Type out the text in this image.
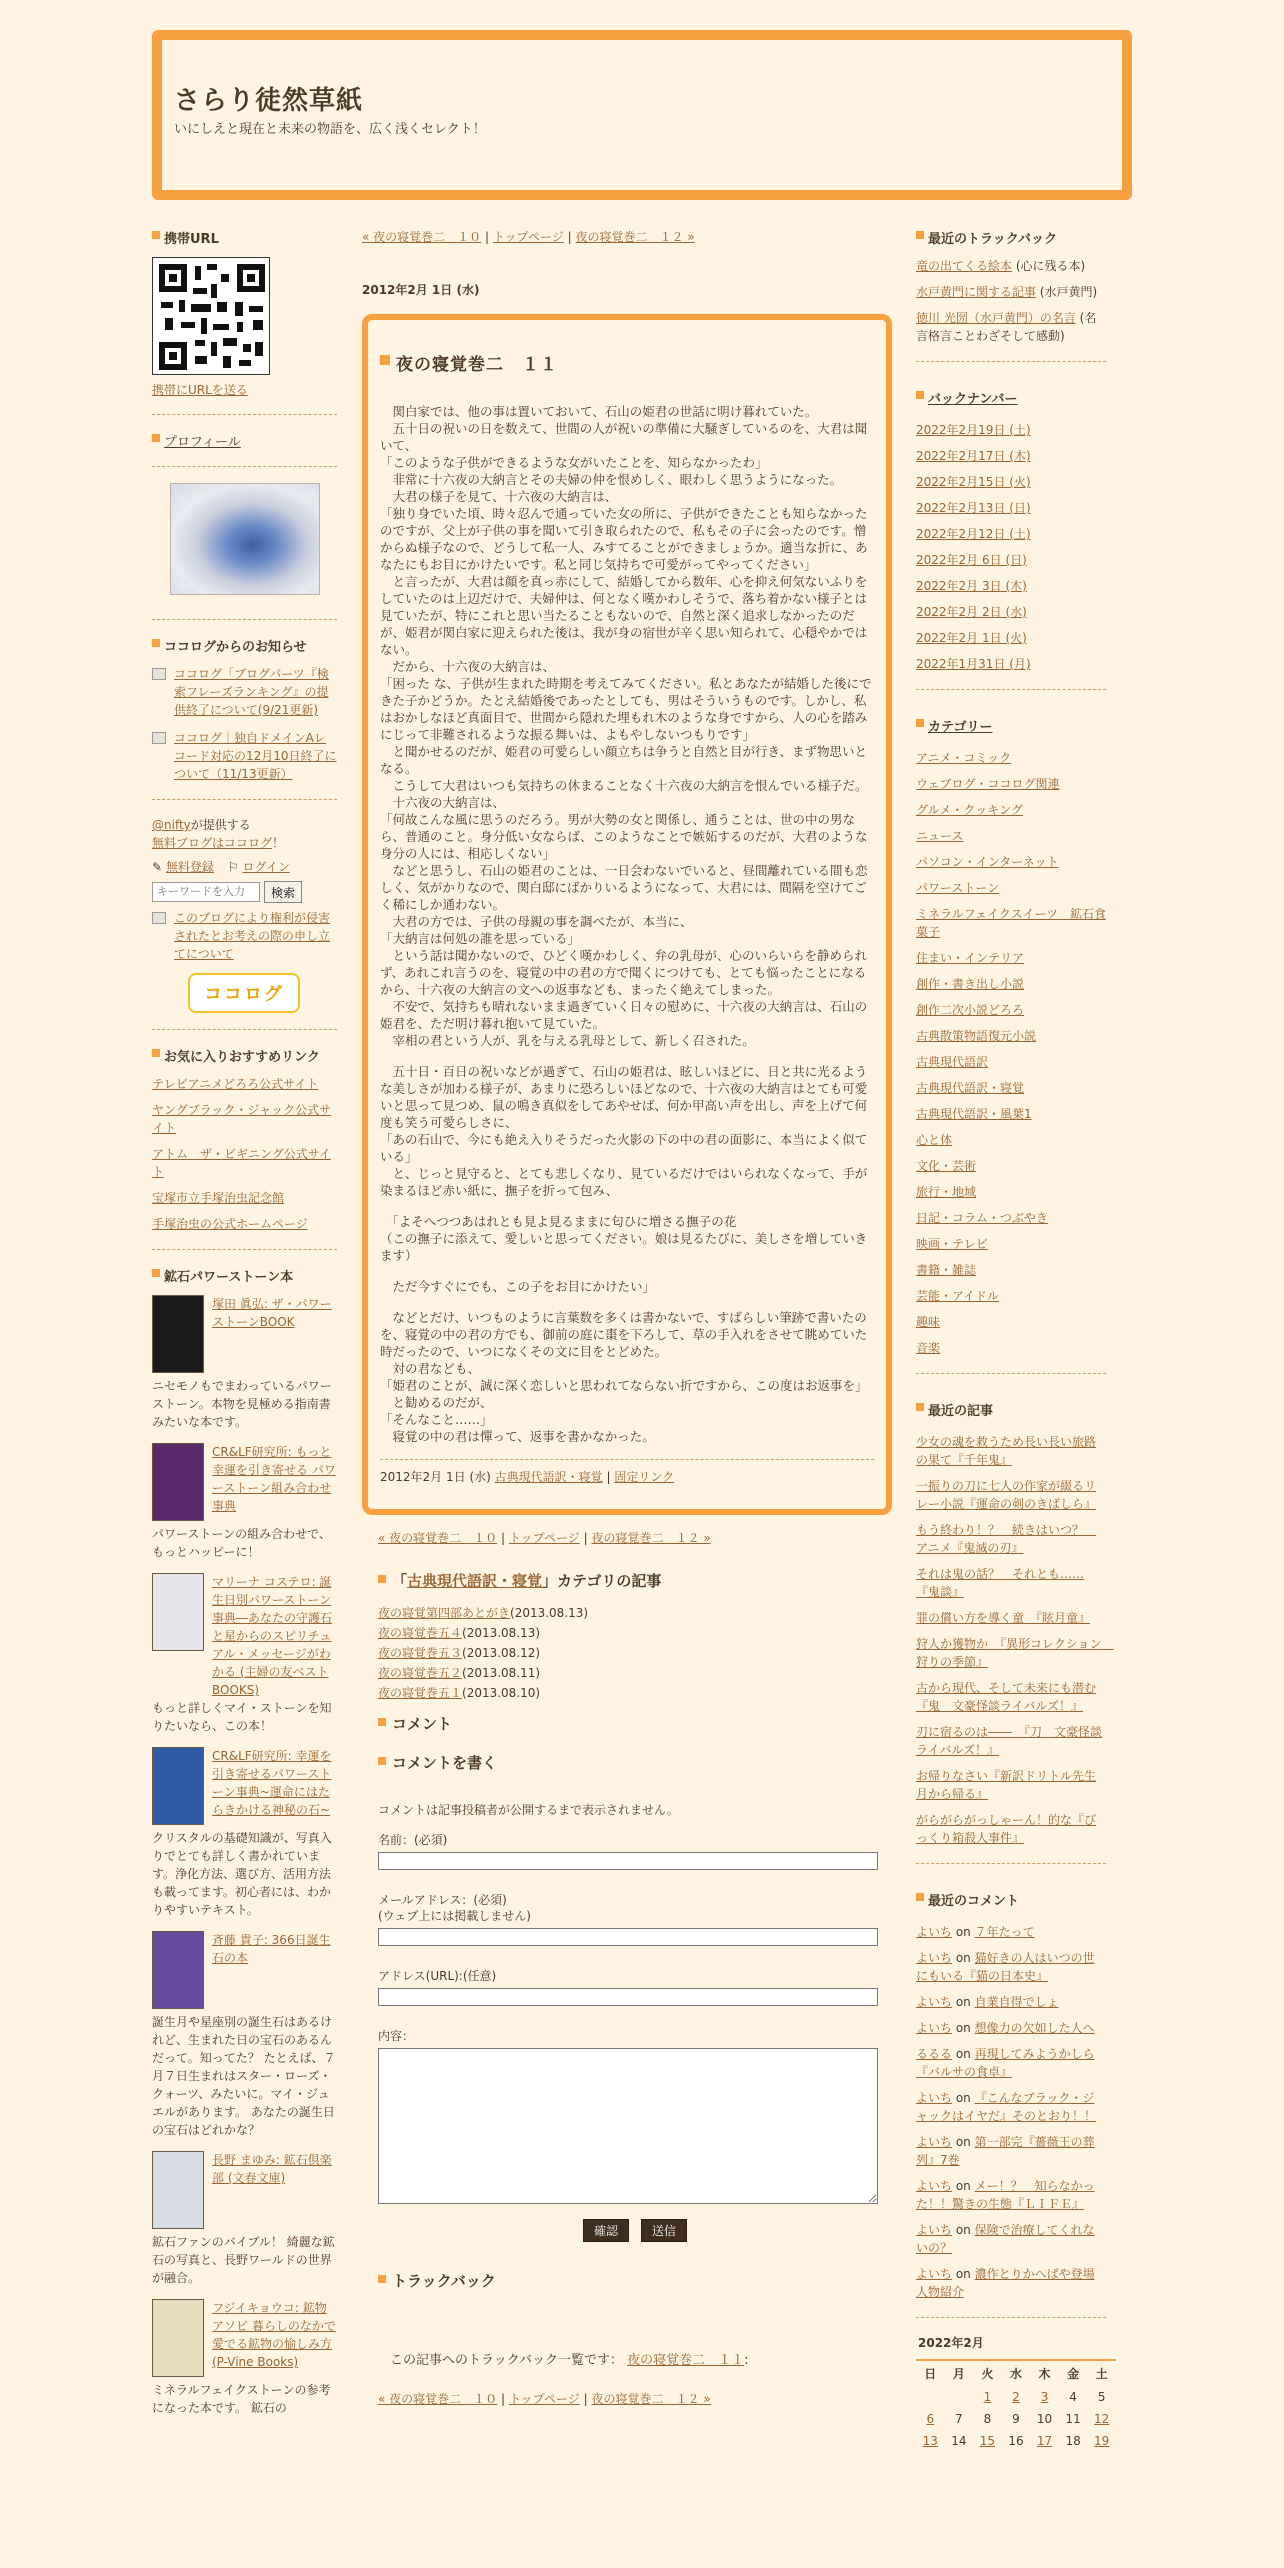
さらり徒然草紙
いにしえと現在と未来の物語を、広く浅くセレクト！
携帯URL
携帯にURLを送る
プロフィール
ココログからのお知らせ
ココログ「ブログパーツ『検索フレーズランキング』の提供終了について(9/21更新)
ココログ｜独自ドメインAレコード対応の12月10日終了について（11/13更新）
@niftyが提供する
無料ブログはココログ！
✎ 無料登録 ⚐ ログイン
キーワードを入力
検索
このブログにより権利が侵害されたとお考えの際の申し立てについて
ココログ
お気に入りおすすめリンク
テレビアニメどろろ公式サイト
ヤングブラック・ジャック公式サイト
アトム　ザ・ビギニング公式サイト
宝塚市立手塚治虫記念館
手塚治虫の公式ホームページ
鉱石パワーストーン本
塚田 眞弘: ザ・パワーストーンBOOK
ニセモノもでまわっているパワーストーン。本物を見極める指南書みたいな本です。
CR&LF研究所: もっと幸運を引き寄せる パワーストーン組み合わせ事典
パワーストーンの組み合わせで、もっとハッピーに！
マリーナ コステロ: 誕生日別パワーストーン事典―あなたの守護石と星からのスピリチュアル・メッセージがわかる (主婦の友ベストBOOKS)
もっと詳しくマイ・ストーンを知りたいなら、この本！
CR&LF研究所: 幸運を引き寄せるパワーストーン事典~運命にはたらきかける神秘の石~
クリスタルの基礎知識が、写真入りでとても詳しく書かれています。浄化方法、選び方、活用方法も載ってます。初心者には、わかりやすいテキスト。
斉藤 貴子: 366日誕生石の本
誕生月や星座別の誕生石はあるけれど、生まれた日の宝石のあるんだって。知ってた？ たとえば、７月７日生まれはスター・ローズ・クォーツ、みたいに。マイ・ジュエルがあります。 あなたの誕生日の宝石はどれかな？
長野 まゆみ: 鉱石倶楽部 (文春文庫)
鉱石ファンのバイブル！ 綺麗な鉱石の写真と、長野ワールドの世界が融合。
フジイキョウコ: 鉱物アソビ 暮らしのなかで愛でる鉱物の愉しみ方 (P-Vine Books)
ミネラルフェイクストーンの参考になった本です。 鉱石の
« 夜の寝覚巻二　１０ | トップページ | 夜の寝覚巻二　１２ »
2012年2月 1日 (水)
夜の寝覚巻二　１１

　関白家では、他の事は置いておいて、石山の姫君の世話に明け暮れていた。
　五十日の祝いの日を数えて、世間の人が祝いの準備に大騒ぎしているのを、大君は聞いて、
「このような子供ができるような女がいたことを、知らなかったわ」
　非常に十六夜の大納言とその夫婦の仲を恨めしく、眼わしく思うようになった。
　大君の様子を見て、十六夜の大納言は、
「独り身でいた頃、時々忍んで通っていた女の所に、子供ができたことも知らなかったのですが、父上が子供の事を聞いて引き取られたので、私もその子に会ったのです。憎からぬ様子なので、どうして私一人、みすてることができましょうか。適当な折に、あなたにもお目にかけたいです。私と同じ気持ちで可愛がってやってください」
　と言ったが、大君は顔を真っ赤にして、結婚してから数年、心を抑え何気ないふりをしていたのは上辺だけで、夫婦仲は、何となく嘆かわしそうで、落ち着かない様子とは見ていたが、特にこれと思い当たることもないので、自然と深く追求しなかったのだが、姫君が関白家に迎えられた後は、我が身の宿世が辛く思い知られて、心穏やかではない。
　だから、十六夜の大納言は、
「困った な、子供が生まれた時期を考えてみてください。私とあなたが結婚した後にできた子かどうか。たとえ結婚後であったとしても、男はそういうものです。しかし、私はおかしなほど真面目で、世間から隠れた埋もれ木のような身ですから、人の心を踏みにじって非難されるような振る舞いは、よもやしないつもりです」
　と聞かせるのだが、姫君の可愛らしい顔立ちは争うと自然と目が行き、まず物思いとなる。
　こうして大君はいつも気持ちの休まることなく十六夜の大納言を恨んでいる様子だ。
　十六夜の大納言は、
「何故こんな風に思うのだろう。男が大勢の女と関係し、通うことは、世の中の男なら、普通のこと。身分低い女ならば、このようなことで嫉妬するのだが、大君のような身分の人には、相応しくない」
　などと思うし、石山の姫君のことは、一日会わないでいると、昼間離れている間も恋しく、気がかりなので、関白邸にばかりいるようになって、大君には、間隔を空けてごく稀にしか通わない。
　大君の方では、子供の母親の事を調べたが、本当に、
「大納言は何処の誰を思っている」
　という話は聞かないので、ひどく嘆かわしく、弁の乳母が、心のいらいらを静められず、あれこれ言うのを、寝覚の中の君の方で聞くにつけても、とても悩ったことになるから、十六夜の大納言の文への返事なども、まったく絶えてしまった。
　不安で、気持ちも晴れないまま過ぎていく日々の慰めに、十六夜の大納言は、石山の姫君を、ただ明け暮れ抱いて見ていた。
　宰相の君という人が、乳を与える乳母として、新しく召された。

　五十日・百日の祝いなどが過ぎて、石山の姫君は、眩しいほどに、日と共に光るような美しさが加わる様子が、あまりに恐ろしいほどなので、十六夜の大納言はとても可愛いと思って見つめ、鼠の鳴き真似をしてあやせば、何か甲高い声を出し、声を上げて何度も笑う可愛らしさに、
「あの石山で、今にも絶え入りそうだった火影の下の中の君の面影に、本当によく似ている」
　と、じっと見守ると、とても悲しくなり、見ているだけではいられなくなって、手が染まるほど赤い紙に、撫子を折って包み、

　「よそへつつあはれとも見よ見るままに匂ひに増さる撫子の花
（この撫子に添えて、愛しいと思ってください。娘は見るたびに、美しさを増していきます）

　ただ今すぐにでも、この子をお目にかけたい」

　などとだけ、いつものように言葉数を多くは書かないで、すばらしい筆跡で書いたのを、寝覚の中の君の方でも、御前の庭に棗を下ろして、草の手入れをさせて眺めていた時だったので、いつになくその文に目をとどめた。
　対の君なども、
「姫君のことが、誠に深く恋しいと思われてならない折ですから、この度はお返事を」
　と勧めるのだが、
「そんなこと……」
　寝覚の中の君は憚って、返事を書かなかった。

2012年2月 1日 (水) 古典現代語訳・寝覚 | 固定リンク
« 夜の寝覚巻二　１０ | トップページ | 夜の寝覚巻二　１２ »
「古典現代語訳・寝覚」カテゴリの記事
夜の寝覚第四部あとがき(2013.08.13)
夜の寝覚巻五４(2013.08.13)
夜の寝覚巻五３(2013.08.12)
夜の寝覚巻五２(2013.08.11)
夜の寝覚巻五１(2013.08.10)
コメント
コメントを書く
コメントは記事投稿者が公開するまで表示されません。
名前：(必須)
メールアドレス：(必須)
(ウェブ上には掲載しません)
アドレス(URL):(任意)
内容：
確認	送信
トラックバック
この記事へのトラックバック一覧です： 夜の寝覚巻二　１１:
« 夜の寝覚巻二　１０ | トップページ | 夜の寝覚巻二　１２ »
最近のトラックバック
竜の出てくる絵本 (心に残る本)
水戸黄門に関する記事 (水戸黄門)
徳川 光圀（水戸黄門）の名言 (名言格言ことわざそして感動)
バックナンバー
2022年2月19日 (土)
2022年2月17日 (木)
2022年2月15日 (火)
2022年2月13日 (日)
2022年2月12日 (土)
2022年2月 6日 (日)
2022年2月 3日 (木)
2022年2月 2日 (水)
2022年2月 1日 (火)
2022年1月31日 (月)
カテゴリー
アニメ・コミック
ウェブログ・ココログ関連
グルメ・クッキング
ニュース
パソコン・インターネット
パワーストーン
ミネラルフェイクスイーツ　鉱石食菓子
住まい・インテリア
創作・書き出し小説
創作二次小説どろろ
古典散策物語復元小説
古典現代語訳
古典現代語訳・寝覚
古典現代語訳・風葉1
心と体
文化・芸術
旅行・地域
日記・コラム・つぶやき
映画・テレビ
書籍・雑誌
芸能・アイドル
趣味
音楽
最近の記事
少女の魂を救うため長い長い旅路の果て『千年鬼』
一振りの刀に七人の作家が綴るリレー小説『運命の剣のきばしら』
もう終わり！？　続きはいつ？　アニメ『鬼滅の刃』
それは鬼の話？　それとも……『鬼談』
罪の償い方を導く童　『眩月童』
狩人か獲物か　『異形コレクション　狩りの季節』
古から現代、そして未来にも潜む『鬼　文豪怪談ライバルズ！』
刃に宿るのは――　『刀　文豪怪談ライバルズ！』
お帰りなさい『新訳ドリトル先生月から帰る』
がらがらがっしゃーん！的な『びっくり箱殺人事件』
最近のコメント
よいち on ７年たって
よいち on 猫好きの人はいつの世にもいる『猫の日本史』
よいち on 自業自得でしょ
よいち on 想像力の欠如した人へ
るるる on 再現してみようかしら『バルサの食卓』
よいち on 『こんなブラック・ジャックはイヤだ』そのとおり！！
よいち on 第一部完『薔薇王の葬列』7巻
よいち on メー！？　知らなかった！！驚きの生態『ＬＩＦＥ』
よいち on 保険で治療してくれないの？
よいち on 濃作とりかへばや登場人物紹介
2022年2月
日	月	火	水	木	金	土
		1	2	3	4	5
6	7	8	9	10	11	12
13	14	15	16	17	18	19
